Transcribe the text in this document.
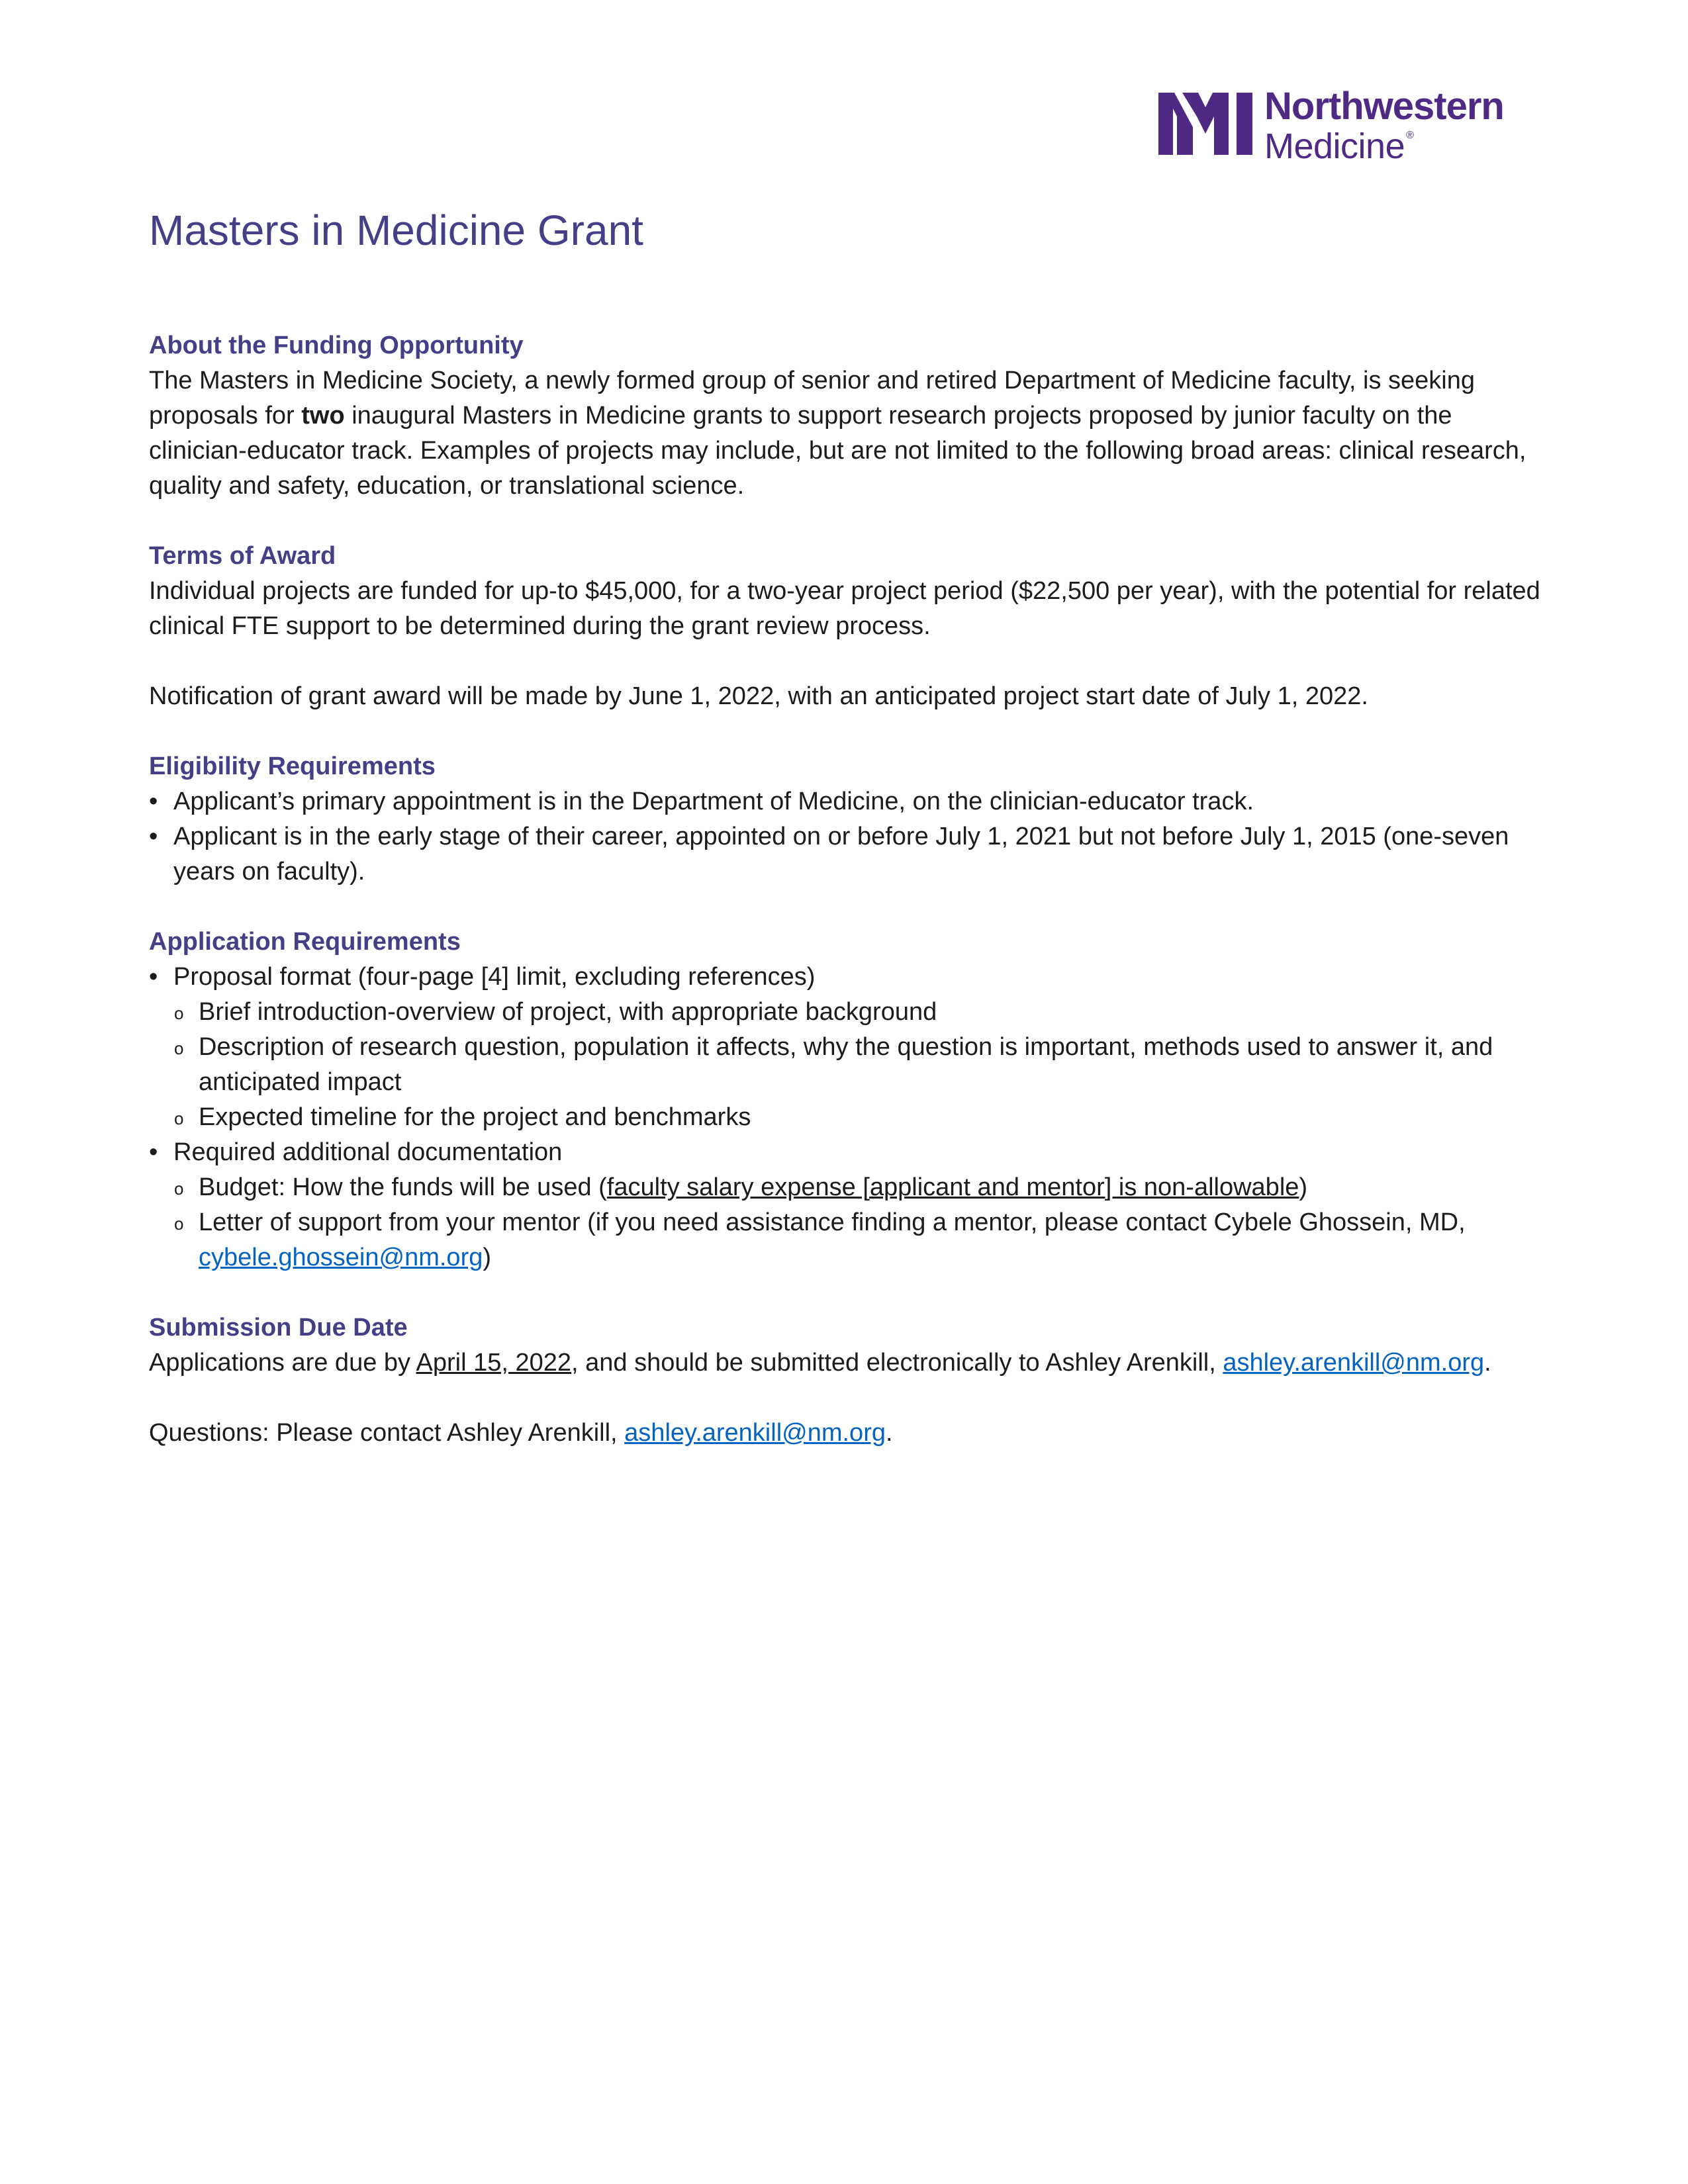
Northwestern
Medicine ®
Masters in Medicine Grant
About the Funding Opportunity
The Masters in Medicine Society, a newly formed group of senior and retired Department of Medicine faculty, is seeking proposals for two inaugural Masters in Medicine grants to support research projects proposed by junior faculty on the clinician-educator track. Examples of projects may include, but are not limited to the following broad areas: clinical research, quality and safety, education, or translational science.
Terms of Award
Individual projects are funded for up-to $45,000, for a two-year project period ($22,500 per year), with the potential for related clinical FTE support to be determined during the grant review process.
Notification of grant award will be made by June 1, 2022, with an anticipated project start date of July 1, 2022.
Eligibility Requirements
• Applicant’s primary appointment is in the Department of Medicine, on the clinician-educator track.
• Applicant is in the early stage of their career, appointed on or before July 1, 2021 but not before July 1, 2015 (one-seven years on faculty).
Application Requirements
• Proposal format (four-page [4] limit, excluding references)
o Brief introduction-overview of project, with appropriate background
o Description of research question, population it affects, why the question is important, methods used to answer it, and anticipated impact
o Expected timeline for the project and benchmarks
• Required additional documentation
o Budget: How the funds will be used (faculty salary expense [applicant and mentor] is non-allowable)
o Letter of support from your mentor (if you need assistance finding a mentor, please contact Cybele Ghossein, MD, cybele.ghossein@nm.org)
Submission Due Date
Applications are due by April 15, 2022, and should be submitted electronically to Ashley Arenkill, ashley.arenkill@nm.org.
Questions: Please contact Ashley Arenkill, ashley.arenkill@nm.org.
